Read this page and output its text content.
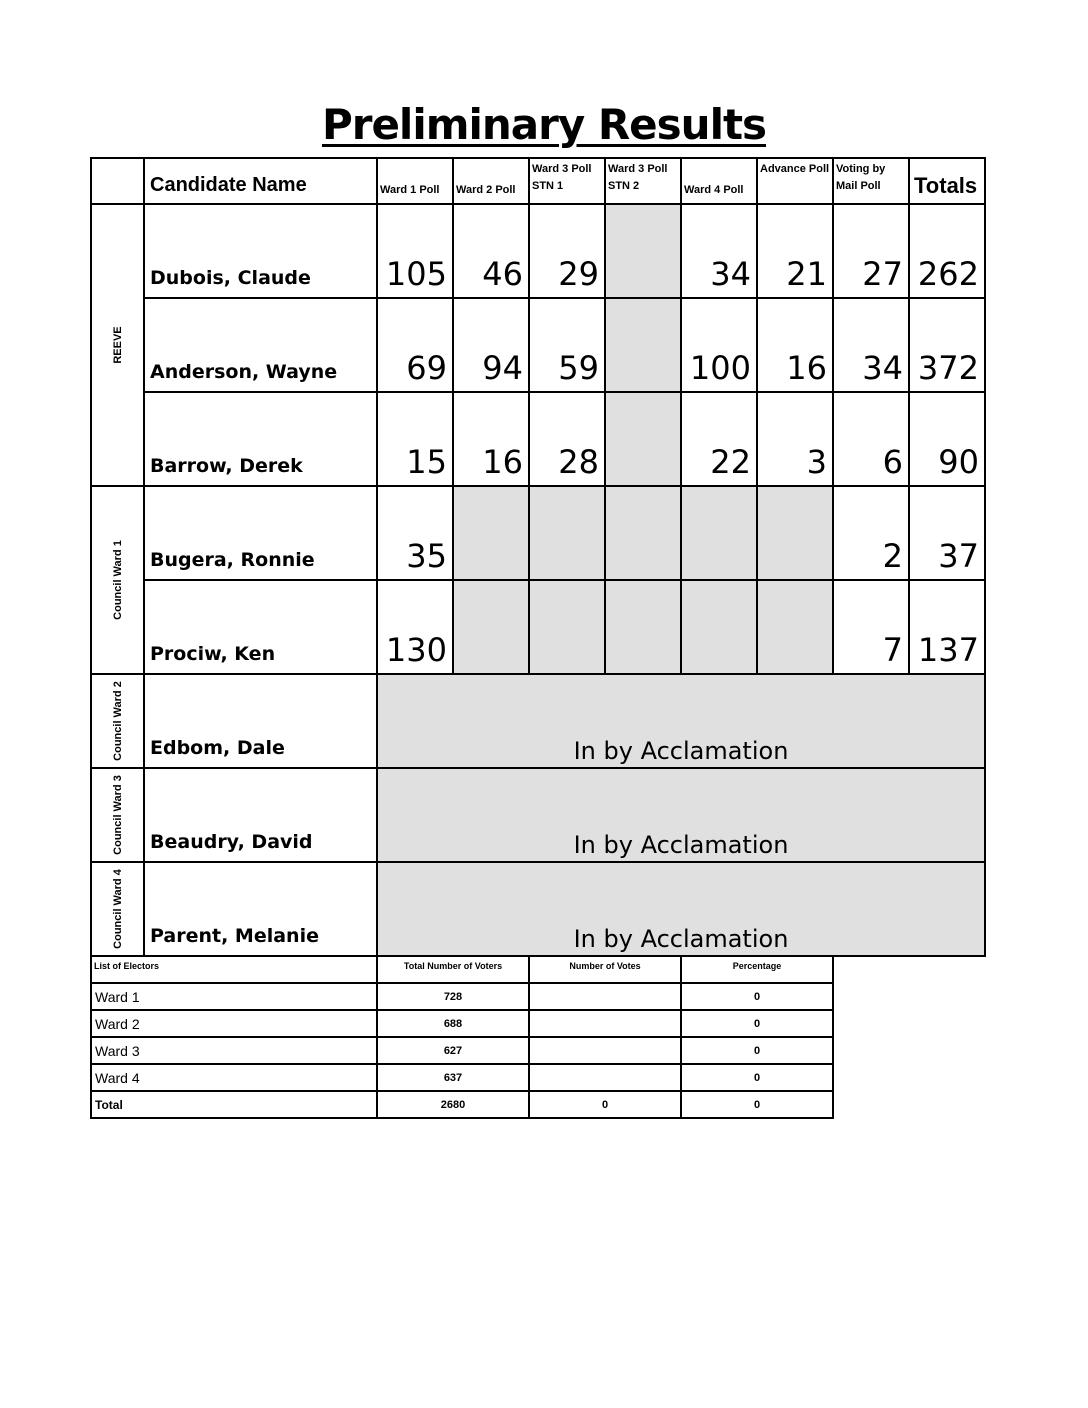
Preliminary Results
	Candidate Name	Ward 1 Poll	Ward 2 Poll	Ward 3 Poll STN 1	Ward 3 Poll STN 2	Ward 4 Poll	Advance Poll	Voting by Mail Poll	Totals

REEVE	Dubois, Claude	105	46	29		34	21	27	262
	Anderson, Wayne	69	94	59		100	16	34	372
	Barrow, Derek	15	16	28		22	3	6	90

Council Ward 1	Bugera, Ronnie	35						2	37
	Prociw, Ken	130						7	137

Council Ward 2	Edbom, Dale	In by Acclamation							

Council Ward 3	Beaudry, David	In by Acclamation							

Council Ward 4	Parent, Melanie	In by Acclamation							
List of Electors	Total Number of Voters	Number of Votes	Percentage
Ward 1	728		0
Ward 2	688		0
Ward 3	627		0
Ward 4	637		0
Total	2680	0	0
